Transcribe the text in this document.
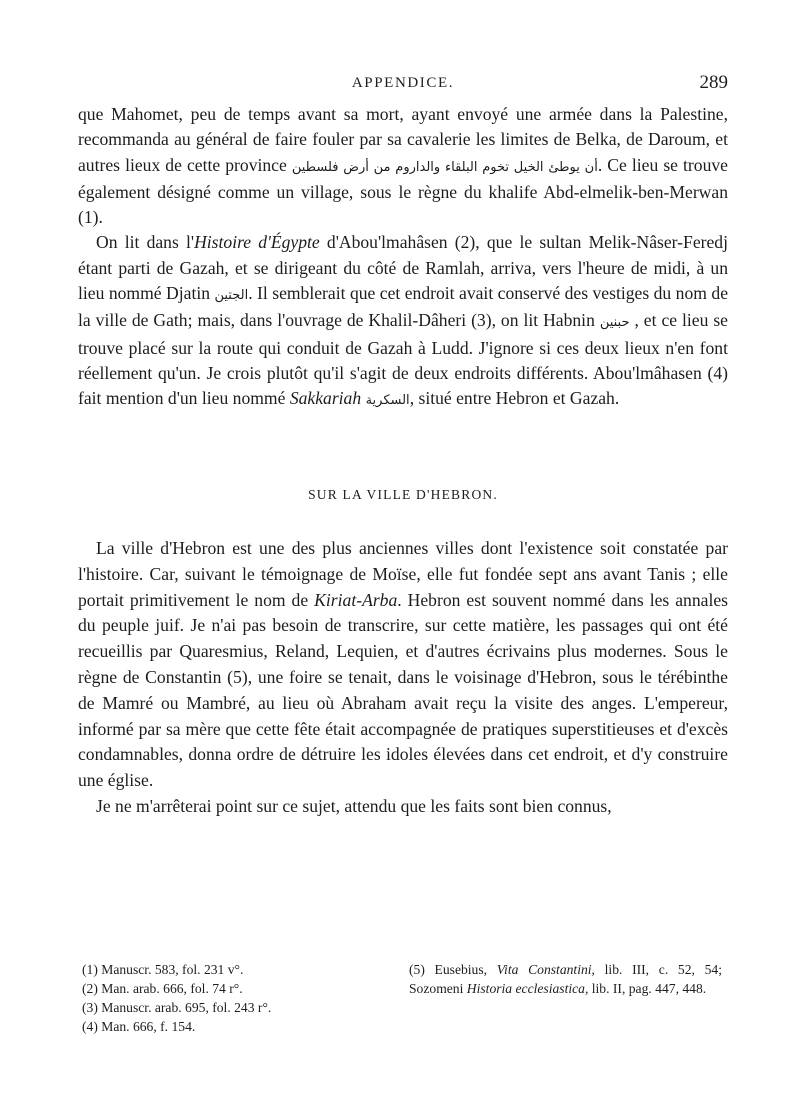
APPENDICE.	289

que Mahomet, peu de temps avant sa mort, ayant envoyé une armée dans la Palestine, recommanda au général de faire fouler par sa cavalerie les limites de Belka, de Daroum, et autres lieux de cette province أن يوطئ الخيل تخوم البلقاء والداروم من أرض فلسطين. Ce lieu se trouve également désigné comme un village, sous le règne du khalife Abd-elmelik-ben-Merwan (1).

On lit dans l'Histoire d'Égypte d'Abou'lmahâsen (2), que le sultan Melik-Nâser-Feredj étant parti de Gazah, et se dirigeant du côté de Ramlah, arriva, vers l'heure de midi, à un lieu nommé Djatin الجتين. Il semblerait que cet endroit avait conservé des vestiges du nom de la ville de Gath; mais, dans l'ouvrage de Khalil-Dâheri (3), on lit Habnin حبنين , et ce lieu se trouve placé sur la route qui conduit de Gazah à Ludd. J'ignore si ces deux lieux n'en font réellement qu'un. Je crois plutôt qu'il s'agit de deux endroits différents. Abou'lmâhasen (4) fait mention d'un lieu nommé Sakkariah السكرية, situé entre Hebron et Gazah.

SUR LA VILLE D'HEBRON.

La ville d'Hebron est une des plus anciennes villes dont l'existence soit constatée par l'histoire. Car, suivant le témoignage de Moïse, elle fut fondée sept ans avant Tanis ; elle portait primitivement le nom de Kiriat-Arba. Hebron est souvent nommé dans les annales du peuple juif. Je n'ai pas besoin de transcrire, sur cette matière, les passages qui ont été recueillis par Quaresmius, Reland, Lequien, et d'autres écrivains plus modernes. Sous le règne de Constantin (5), une foire se tenait, dans le voisinage d'Hebron, sous le térébinthe de Mamré ou Mambré, au lieu où Abraham avait reçu la visite des anges. L'empereur, informé par sa mère que cette fête était accompagnée de pratiques superstitieuses et d'excès condamnables, donna ordre de détruire les idoles élevées dans cet endroit, et d'y construire une église.

Je ne m'arrêterai point sur ce sujet, attendu que les faits sont bien connus,

(1) Manuscr. 583, fol. 231 v°.
(2) Man. arab. 666, fol. 74 r°.
(3) Manuscr. arab. 695, fol. 243 r°.
(4) Man. 666, f. 154.
(5) Eusebius, Vita Constantini, lib. III, c. 52, 54; Sozomeni Historia ecclesiastica, lib. II, pag. 447, 448.
